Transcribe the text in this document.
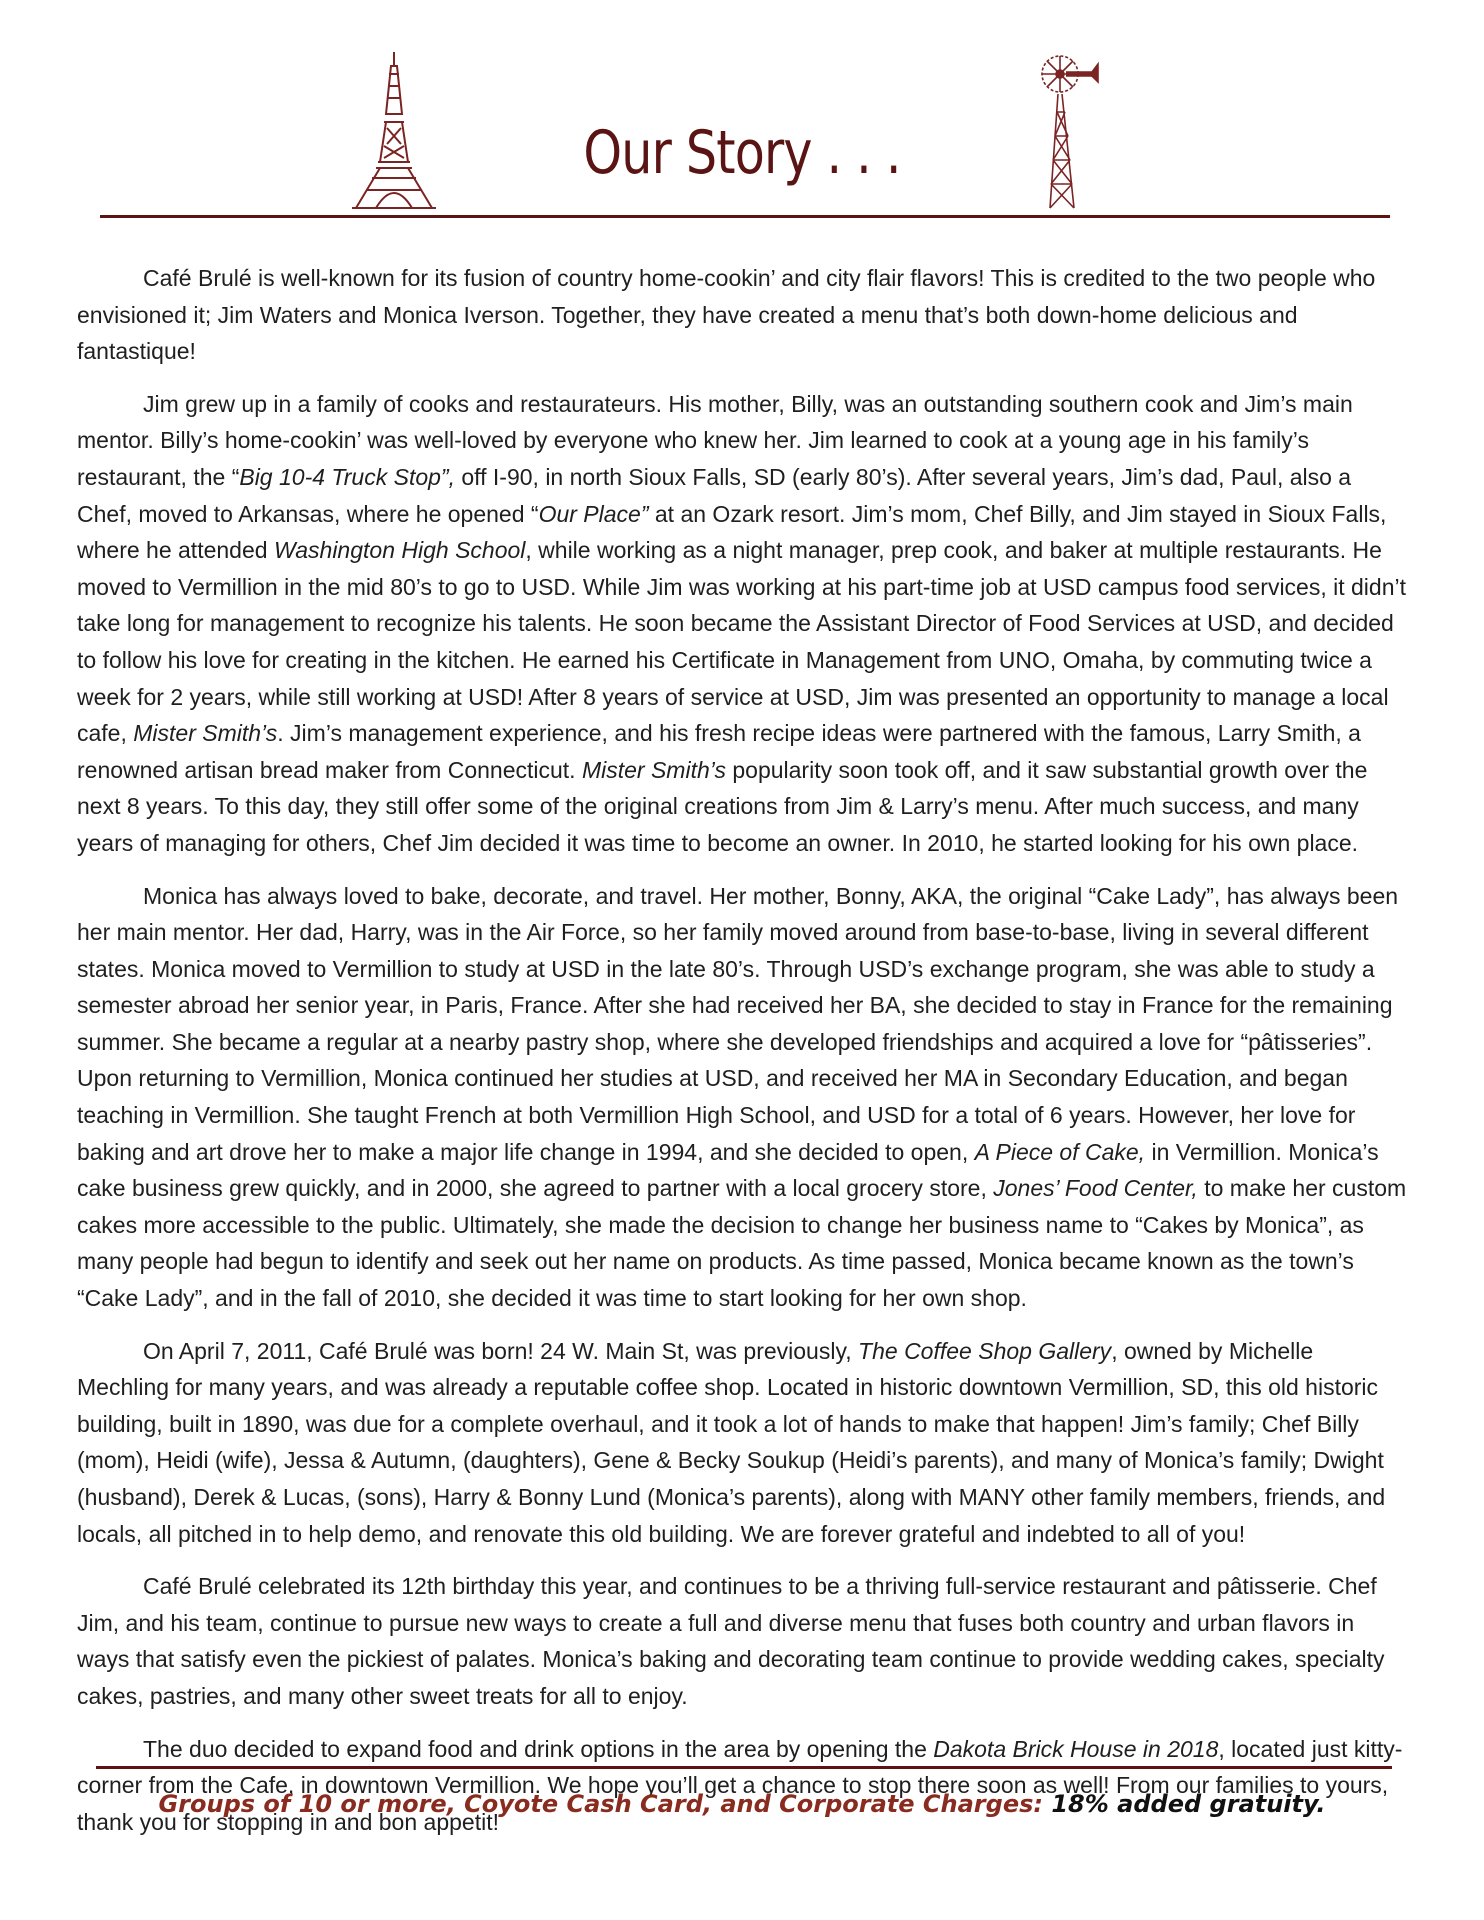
Our Story . . .

Café Brulé is well-known for its fusion of country home-cookin’ and city flair flavors! This is credited to the two people who envisioned it; Jim Waters and Monica Iverson. Together, they have created a menu that’s both down-home delicious and fantastique!

Jim grew up in a family of cooks and restaurateurs. His mother, Billy, was an outstanding southern cook and Jim’s main mentor. Billy’s home-cookin’ was well-loved by everyone who knew her. Jim learned to cook at a young age in his family’s restaurant, the “Big 10-4 Truck Stop”, off I-90, in north Sioux Falls, SD (early 80’s). After several years, Jim’s dad, Paul, also a Chef, moved to Arkansas, where he opened “Our Place” at an Ozark resort. Jim’s mom, Chef Billy, and Jim stayed in Sioux Falls, where he attended Washington High School, while working as a night manager, prep cook, and baker at multiple restaurants. He moved to Vermillion in the mid 80’s to go to USD. While Jim was working at his part-time job at USD campus food services, it didn’t take long for management to recognize his talents. He soon became the Assistant Director of Food Services at USD, and decided to follow his love for creating in the kitchen. He earned his Certificate in Management from UNO, Omaha, by commuting twice a week for 2 years, while still working at USD! After 8 years of service at USD, Jim was presented an opportunity to manage a local cafe, Mister Smith’s. Jim’s management experience, and his fresh recipe ideas were partnered with the famous, Larry Smith, a renowned artisan bread maker from Connecticut. Mister Smith’s popularity soon took off, and it saw substantial growth over the next 8 years. To this day, they still offer some of the original creations from Jim & Larry’s menu. After much success, and many years of managing for others, Chef Jim decided it was time to become an owner. In 2010, he started looking for his own place.

Monica has always loved to bake, decorate, and travel. Her mother, Bonny, AKA, the original “Cake Lady”, has always been her main mentor. Her dad, Harry, was in the Air Force, so her family moved around from base-to-base, living in several different states. Monica moved to Vermillion to study at USD in the late 80’s. Through USD’s exchange program, she was able to study a semester abroad her senior year, in Paris, France. After she had received her BA, she decided to stay in France for the remaining summer. She became a regular at a nearby pastry shop, where she developed friendships and acquired a love for “pâtisseries”. Upon returning to Vermillion, Monica continued her studies at USD, and received her MA in Secondary Education, and began teaching in Vermillion. She taught French at both Vermillion High School, and USD for a total of 6 years. However, her love for baking and art drove her to make a major life change in 1994, and she decided to open, A Piece of Cake, in Vermillion. Monica’s cake business grew quickly, and in 2000, she agreed to partner with a local grocery store, Jones’ Food Center, to make her custom cakes more accessible to the public. Ultimately, she made the decision to change her business name to “Cakes by Monica”, as many people had begun to identify and seek out her name on products. As time passed, Monica became known as the town’s “Cake Lady”, and in the fall of 2010, she decided it was time to start looking for her own shop.

On April 7, 2011, Café Brulé was born! 24 W. Main St, was previously, The Coffee Shop Gallery, owned by Michelle Mechling for many years, and was already a reputable coffee shop. Located in historic downtown Vermillion, SD, this old historic building, built in 1890, was due for a complete overhaul, and it took a lot of hands to make that happen! Jim’s family; Chef Billy (mom), Heidi (wife), Jessa & Autumn, (daughters), Gene & Becky Soukup (Heidi’s parents), and many of Monica’s family; Dwight (husband), Derek & Lucas, (sons), Harry & Bonny Lund (Monica’s parents), along with MANY other family members, friends, and locals, all pitched in to help demo, and renovate this old building. We are forever grateful and indebted to all of you!

Café Brulé celebrated its 12th birthday this year, and continues to be a thriving full-service restaurant and pâtisserie. Chef Jim, and his team, continue to pursue new ways to create a full and diverse menu that fuses both country and urban flavors in ways that satisfy even the pickiest of palates. Monica’s baking and decorating team continue to provide wedding cakes, specialty cakes, pastries, and many other sweet treats for all to enjoy.

The duo decided to expand food and drink options in the area by opening the Dakota Brick House in 2018, located just kitty-corner from the Cafe, in downtown Vermillion. We hope you’ll get a chance to stop there soon as well! From our families to yours, thank you for stopping in and bon appetit!

Groups of 10 or more, Coyote Cash Card, and Corporate Charges: 18% added gratuity.
